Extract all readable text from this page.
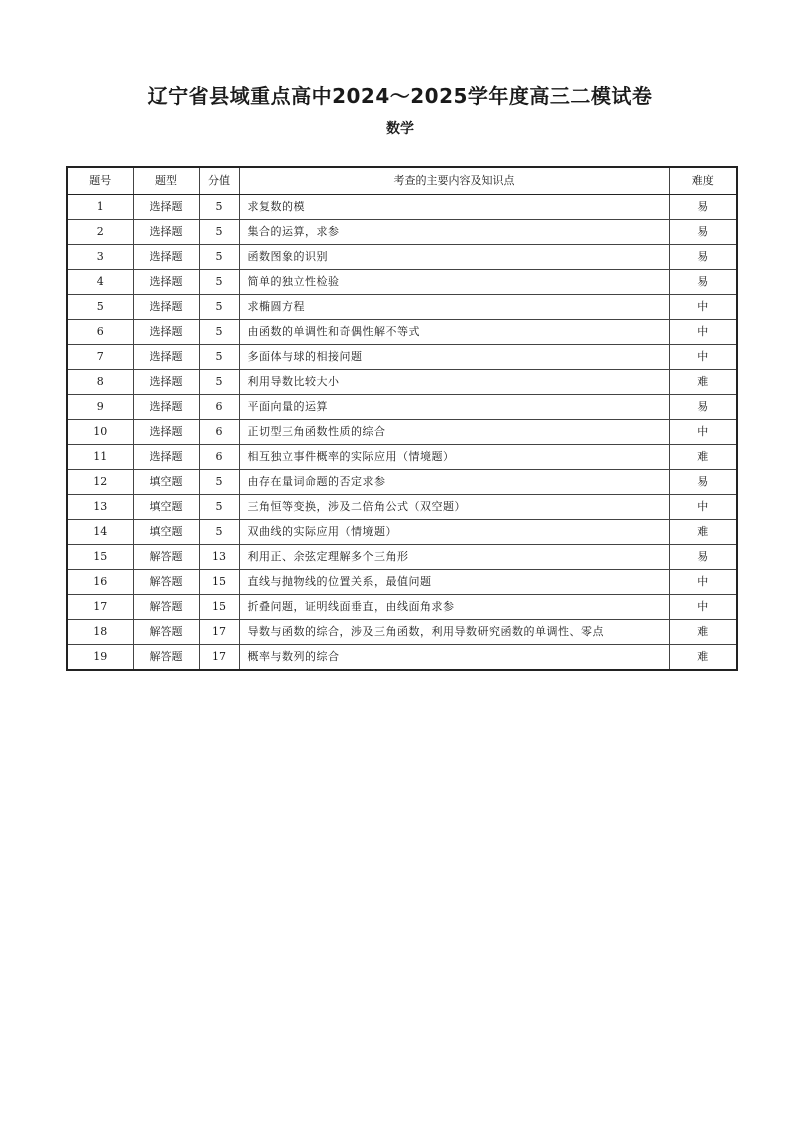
辽宁省县域重点高中2024～2025学年度高三二模试卷
数学
题号	题型	分值	考查的主要内容及知识点	难度
1	选择题	5	求复数的模	易
2	选择题	5	集合的运算，求参	易
3	选择题	5	函数图象的识别	易
4	选择题	5	简单的独立性检验	易
5	选择题	5	求椭圆方程	中
6	选择题	5	由函数的单调性和奇偶性解不等式	中
7	选择题	5	多面体与球的相接问题	中
8	选择题	5	利用导数比较大小	难
9	选择题	6	平面向量的运算	易
10	选择题	6	正切型三角函数性质的综合	中
11	选择题	6	相互独立事件概率的实际应用（情境题）	难
12	填空题	5	由存在量词命题的否定求参	易
13	填空题	5	三角恒等变换，涉及二倍角公式（双空题）	中
14	填空题	5	双曲线的实际应用（情境题）	难
15	解答题	13	利用正、余弦定理解多个三角形	易
16	解答题	15	直线与抛物线的位置关系，最值问题	中
17	解答题	15	折叠问题，证明线面垂直，由线面角求参	中
18	解答题	17	导数与函数的综合，涉及三角函数，利用导数研究函数的单调性、零点	难
19	解答题	17	概率与数列的综合	难
